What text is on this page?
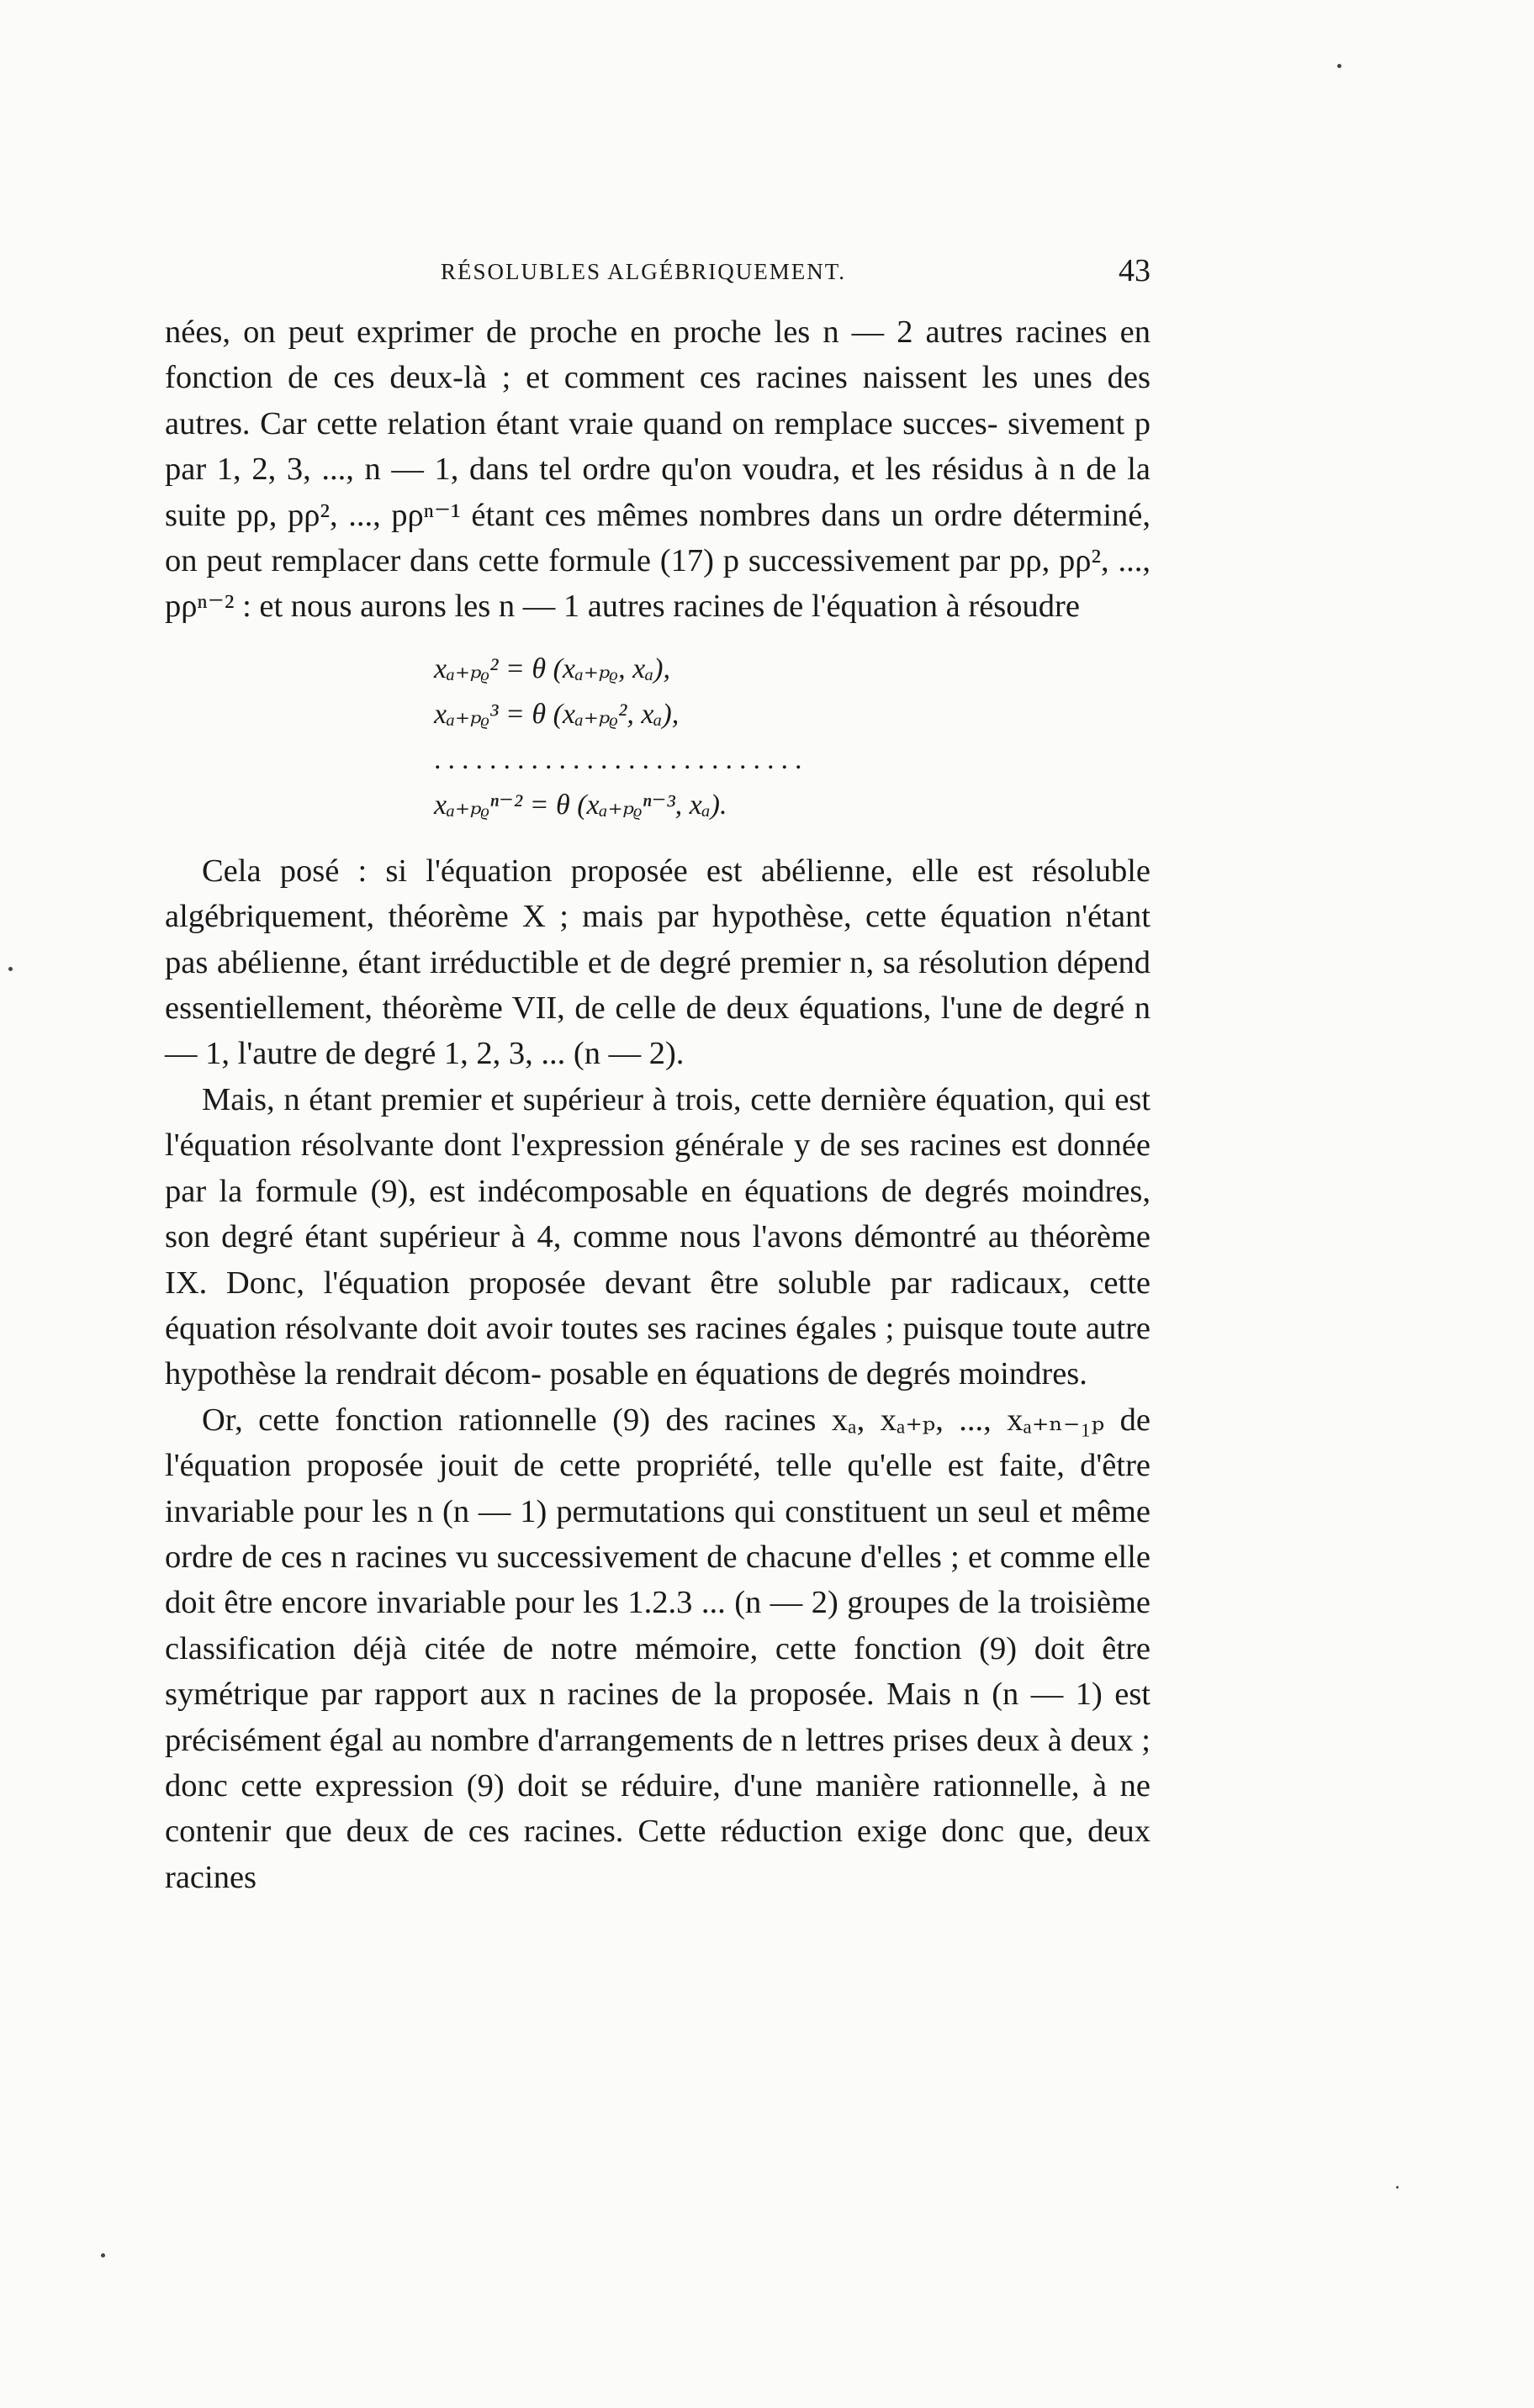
RÉSOLUBLES ALGÉBRIQUEMENT.	43

nées, on peut exprimer de proche en proche les n — 2 autres racines en fonction de ces deux-là ; et comment ces racines naissent les unes des autres. Car cette relation étant vraie quand on remplace succes- sivement p par 1, 2, 3, ..., n — 1, dans tel ordre qu'on voudra, et les résidus à n de la suite pρ, pρ², ..., pρⁿ⁻¹ étant ces mêmes nombres dans un ordre déterminé, on peut remplacer dans cette formule (17) p successivement par pρ, pρ², ..., pρⁿ⁻² : et nous aurons les n — 1 autres racines de l'équation à résoudre

xₐ₊ₚᵨ² = θ (xₐ₊ₚᵨ, xₐ),
xₐ₊ₚᵨ³ = θ (xₐ₊ₚᵨ², xₐ),
...........................
xₐ₊ₚᵨⁿ⁻² = θ (xₐ₊ₚᵨⁿ⁻³, xₐ).

Cela posé : si l'équation proposée est abélienne, elle est résoluble algébriquement, théorème X ; mais par hypothèse, cette équation n'étant pas abélienne, étant irréductible et de degré premier n, sa résolution dépend essentiellement, théorème VII, de celle de deux équations, l'une de degré n — 1, l'autre de degré 1, 2, 3, ... (n — 2).

Mais, n étant premier et supérieur à trois, cette dernière équation, qui est l'équation résolvante dont l'expression générale y de ses racines est donnée par la formule (9), est indécomposable en équations de degrés moindres, son degré étant supérieur à 4, comme nous l'avons démontré au théorème IX. Donc, l'équation proposée devant être soluble par radicaux, cette équation résolvante doit avoir toutes ses racines égales ; puisque toute autre hypothèse la rendrait décom- posable en équations de degrés moindres.

Or, cette fonction rationnelle (9) des racines xₐ, xₐ₊ₚ, ..., xₐ₊ₙ₋₁ₚ de l'équation proposée jouit de cette propriété, telle qu'elle est faite, d'être invariable pour les n (n — 1) permutations qui constituent un seul et même ordre de ces n racines vu successivement de chacune d'elles ; et comme elle doit être encore invariable pour les 1.2.3 ... (n — 2) groupes de la troisième classification déjà citée de notre mémoire, cette fonction (9) doit être symétrique par rapport aux n racines de la proposée. Mais n (n — 1) est précisément égal au nombre d'arrangements de n lettres prises deux à deux ; donc cette expression (9) doit se réduire, d'une manière rationnelle, à ne contenir que deux de ces racines. Cette réduction exige donc que, deux racines
